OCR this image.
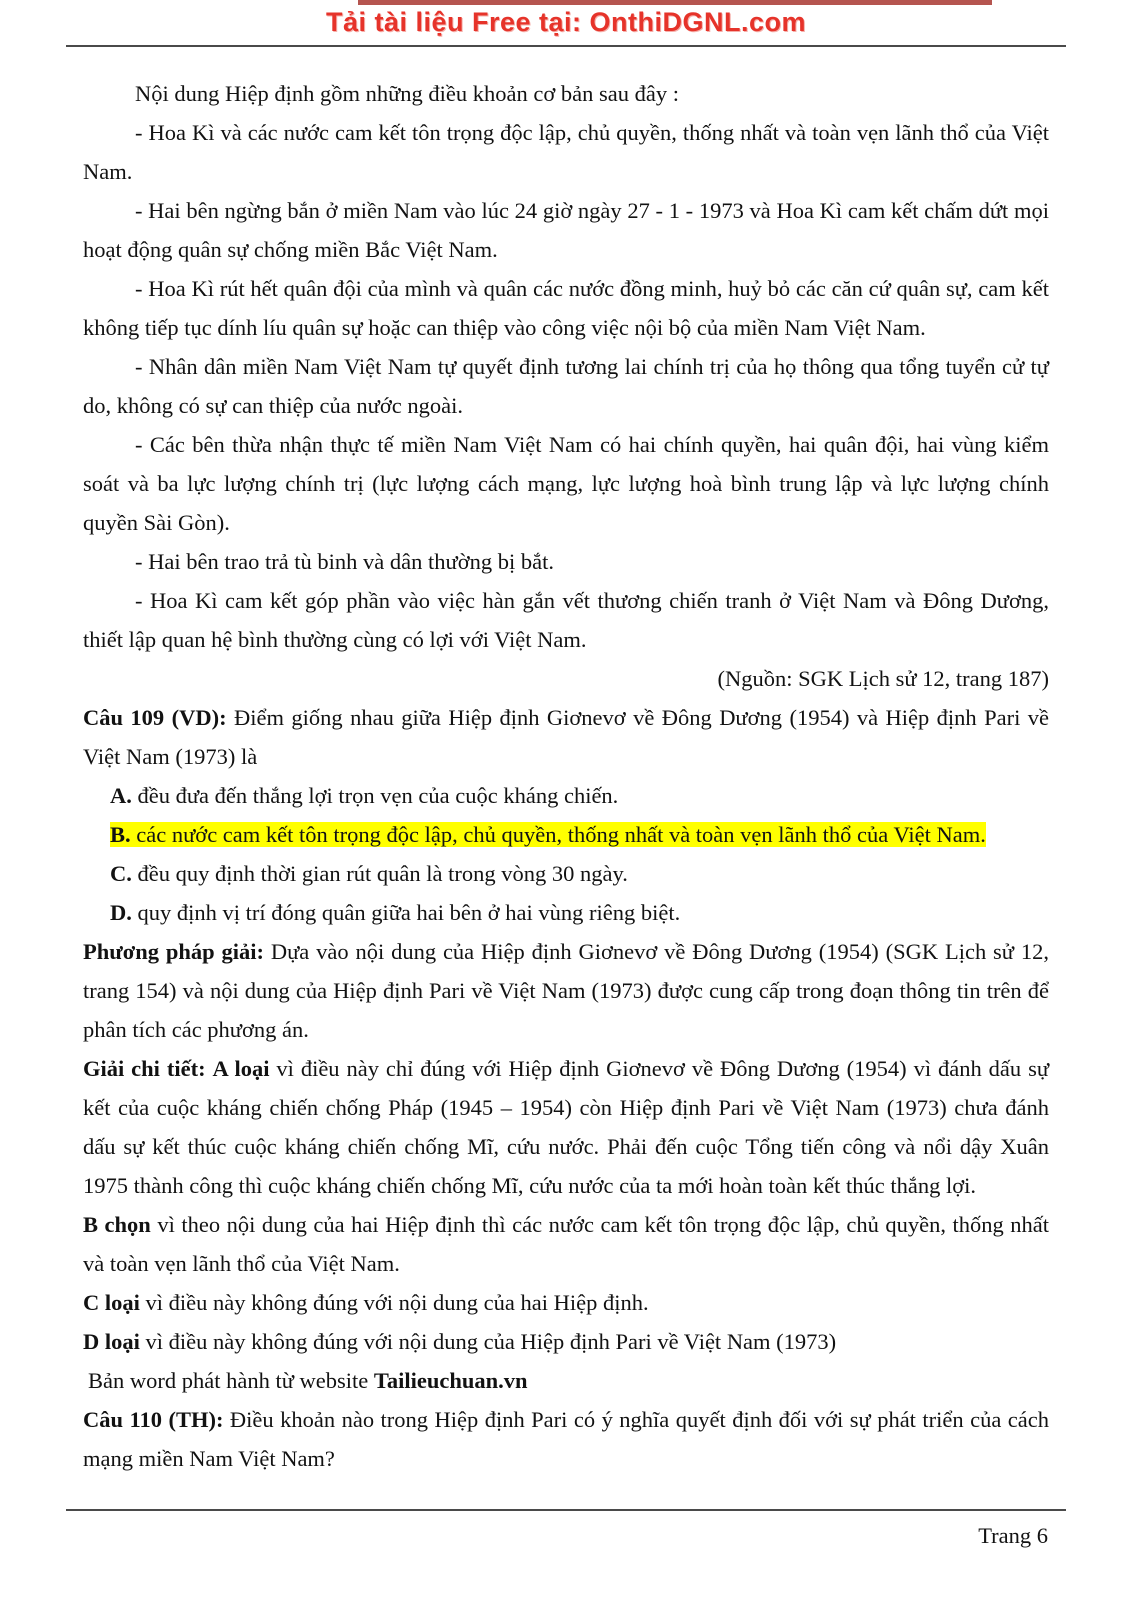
Tải tài liệu Free tại: OnthiDGNL.com

Nội dung Hiệp định gồm những điều khoản cơ bản sau đây :

- Hoa Kì và các nước cam kết tôn trọng độc lập, chủ quyền, thống nhất và toàn vẹn lãnh thổ của Việt Nam.

- Hai bên ngừng bắn ở miền Nam vào lúc 24 giờ ngày 27 - 1 - 1973 và Hoa Kì cam kết chấm dứt mọi hoạt động quân sự chống miền Bắc Việt Nam.

- Hoa Kì rút hết quân đội của mình và quân các nước đồng minh, huỷ bỏ các căn cứ quân sự, cam kết không tiếp tục dính líu quân sự hoặc can thiệp vào công việc nội bộ của miền Nam Việt Nam.

- Nhân dân miền Nam Việt Nam tự quyết định tương lai chính trị của họ thông qua tổng tuyển cử tự do, không có sự can thiệp của nước ngoài.

- Các bên thừa nhận thực tế miền Nam Việt Nam có hai chính quyền, hai quân đội, hai vùng kiểm soát và ba lực lượng chính trị (lực lượng cách mạng, lực lượng hoà bình trung lập và lực lượng chính quyền Sài Gòn).

- Hai bên trao trả tù binh và dân thường bị bắt.

- Hoa Kì cam kết góp phần vào việc hàn gắn vết thương chiến tranh ở Việt Nam và Đông Dương, thiết lập quan hệ bình thường cùng có lợi với Việt Nam.

(Nguồn: SGK Lịch sử 12, trang 187)

Câu 109 (VD): Điểm giống nhau giữa Hiệp định Giơnevơ về Đông Dương (1954) và Hiệp định Pari về Việt Nam (1973) là

A. đều đưa đến thắng lợi trọn vẹn của cuộc kháng chiến.

B. các nước cam kết tôn trọng độc lập, chủ quyền, thống nhất và toàn vẹn lãnh thổ của Việt Nam.

C. đều quy định thời gian rút quân là trong vòng 30 ngày.

D. quy định vị trí đóng quân giữa hai bên ở hai vùng riêng biệt.

Phương pháp giải: Dựa vào nội dung của Hiệp định Giơnevơ về Đông Dương (1954) (SGK Lịch sử 12, trang 154) và nội dung của Hiệp định Pari về Việt Nam (1973) được cung cấp trong đoạn thông tin trên để phân tích các phương án.

Giải chi tiết: A loại vì điều này chỉ đúng với Hiệp định Giơnevơ về Đông Dương (1954) vì đánh dấu sự kết của cuộc kháng chiến chống Pháp (1945 – 1954) còn Hiệp định Pari về Việt Nam (1973) chưa đánh dấu sự kết thúc cuộc kháng chiến chống Mĩ, cứu nước. Phải đến cuộc Tổng tiến công và nổi dậy Xuân 1975 thành công thì cuộc kháng chiến chống Mĩ, cứu nước của ta mới hoàn toàn kết thúc thắng lợi.

B chọn vì theo nội dung của hai Hiệp định thì các nước cam kết tôn trọng độc lập, chủ quyền, thống nhất và toàn vẹn lãnh thổ của Việt Nam.

C loại vì điều này không đúng với nội dung của hai Hiệp định.

D loại vì điều này không đúng với nội dung của Hiệp định Pari về Việt Nam (1973)

Bản word phát hành từ website Tailieuchuan.vn

Câu 110 (TH): Điều khoản nào trong Hiệp định Pari có ý nghĩa quyết định đối với sự phát triển của cách mạng miền Nam Việt Nam?

Trang 6
